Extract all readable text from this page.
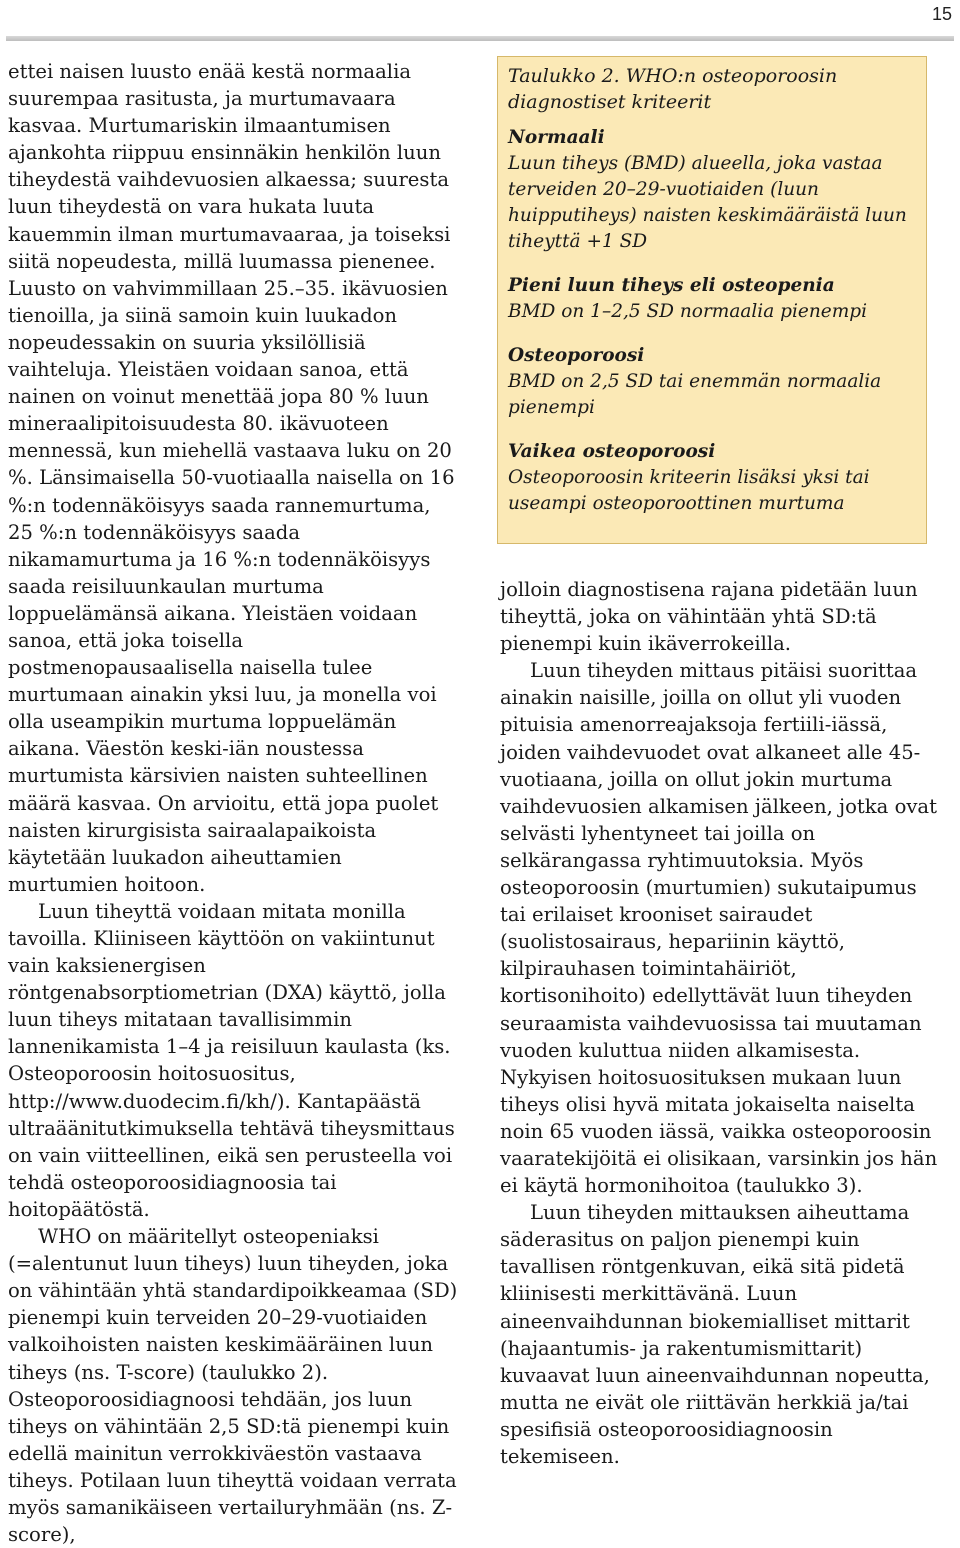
15

ettei naisen luusto enää kestä normaalia suurempaa rasitusta, ja murtumavaara kasvaa. Murtumariskin ilmaantumisen ajankohta riippuu ensinnäkin henkilön luun tiheydestä vaihdevuosien alkaessa; suuresta luun tiheydestä on vara hukata luuta kauemmin ilman murtumavaaraa, ja toiseksi siitä nopeudesta, millä luumassa pienenee. Luusto on vahvimmillaan 25.–35. ikävuosien tienoilla, ja siinä samoin kuin luukadon nopeudessakin on suuria yksilöllisiä vaihteluja. Yleistäen voidaan sanoa, että nainen on voinut menettää jopa 80 % luun mineraalipitoisuudesta 80. ikävuoteen mennessä, kun miehellä vastaava luku on 20 %. Länsimaisella 50-vuotiaalla naisella on 16 %:n todennäköisyys saada rannemurtuma, 25 %:n todennäköisyys saada nikamamurtuma ja 16 %:n todennäköisyys saada reisiluunkaulan murtuma loppuelämänsä aikana. Yleistäen voidaan sanoa, että joka toisella postmenopausaalisella naisella tulee murtumaan ainakin yksi luu, ja monella voi olla useampikin murtuma loppuelämän aikana. Väestön keski-iän noustessa murtumista kärsivien naisten suhteellinen määrä kasvaa. On arvioitu, että jopa puolet naisten kirurgisista sairaalapaikoista käytetään luukadon aiheuttamien murtumien hoitoon.

Luun tiheyttä voidaan mitata monilla tavoilla. Kliiniseen käyttöön on vakiintunut vain kaksienergisen röntgenabsorptiometrian (DXA) käyttö, jolla luun tiheys mitataan tavallisimmin lannenikamista 1–4 ja reisiluun kaulasta (ks. Osteoporoosin hoitosuositus, http://www.duodecim.fi/kh/). Kantapäästä ultraäänitutkimuksella tehtävä tiheysmittaus on vain viitteellinen, eikä sen perusteella voi tehdä osteoporoosidiagnoosia tai hoitopäätöstä.

WHO on määritellyt osteopeniaksi (=alentunut luun tiheys) luun tiheyden, joka on vähintään yhtä standardipoikkeamaa (SD) pienempi kuin terveiden 20–29-vuotiaiden valkoihoisten naisten keskimääräinen luun tiheys (ns. T-score) (taulukko 2). Osteoporoosidiagnoosi tehdään, jos luun tiheys on vähintään 2,5 SD:tä pienempi kuin edellä mainitun verrokkiväestön vastaava tiheys. Potilaan luun tiheyttä voidaan verrata myös samanikäiseen vertailuryhmään (ns. Z-score),

Taulukko 2. WHO:n osteoporoosin
diagnostiset kriteerit
Normaali
Luun tiheys (BMD) alueella, joka vastaa terveiden 20–29-vuotiaiden (luun huipputiheys) naisten keskimääräistä luun tiheyttä +1 SD
Pieni luun tiheys eli osteopenia
BMD on 1–2,5 SD normaalia pienempi
Osteoporoosi
BMD on 2,5 SD tai enemmän normaalia pienempi
Vaikea osteoporoosi
Osteoporoosin kriteerin lisäksi yksi tai useampi osteoporoottinen murtuma

jolloin diagnostisena rajana pidetään luun tiheyttä, joka on vähintään yhtä SD:tä pienempi kuin ikäverrokeilla.

Luun tiheyden mittaus pitäisi suorittaa ainakin naisille, joilla on ollut yli vuoden pituisia amenorreajaksoja fertiili-iässä, joiden vaihdevuodet ovat alkaneet alle 45-vuotiaana, joilla on ollut jokin murtuma vaihdevuosien alkamisen jälkeen, jotka ovat selvästi lyhentyneet tai joilla on selkärangassa ryhtimuutoksia. Myös osteoporoosin (murtumien) sukutaipumus tai erilaiset krooniset sairaudet (suolistosairaus, hepariinin käyttö, kilpirauhasen toimintahäiriöt, kortisonihoito) edellyttävät luun tiheyden seuraamista vaihdevuosissa tai muutaman vuoden kuluttua niiden alkamisesta. Nykyisen hoitosuosituksen mukaan luun tiheys olisi hyvä mitata jokaiselta naiselta noin 65 vuoden iässä, vaikka osteoporoosin vaaratekijöitä ei olisikaan, varsinkin jos hän ei käytä hormonihoitoa (taulukko 3).

Luun tiheyden mittauksen aiheuttama säderasitus on paljon pienempi kuin tavallisen röntgenkuvan, eikä sitä pidetä kliinisesti merkittävänä. Luun aineenvaihdunnan biokemialliset mittarit (hajaantumis- ja rakentumismittarit) kuvaavat luun aineenvaihdunnan nopeutta, mutta ne eivät ole riittävän herkkiä ja/tai spesifisiä osteoporoosidiagnoosin tekemiseen.
